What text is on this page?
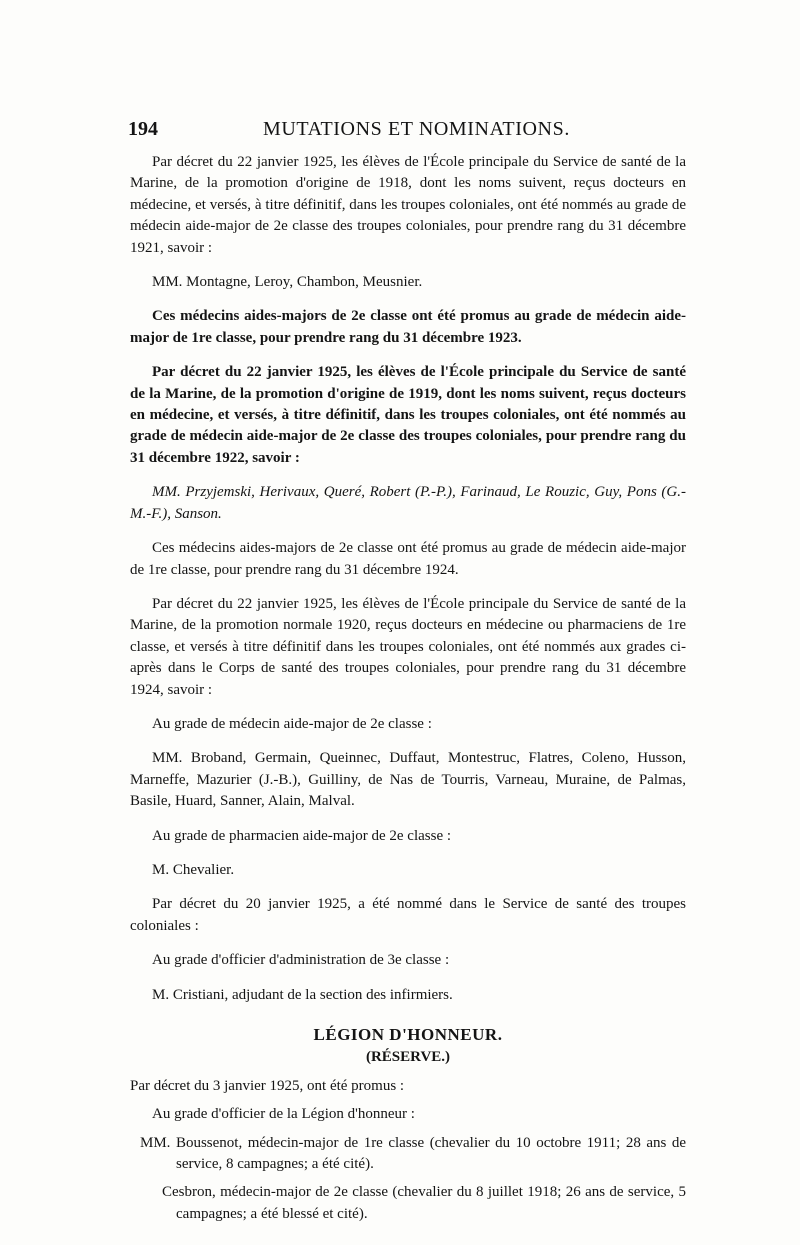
194	MUTATIONS ET NOMINATIONS.

Par décret du 22 janvier 1925, les élèves de l'École principale du Service de santé de la Marine, de la promotion d'origine de 1918, dont les noms suivent, reçus docteurs en médecine, et versés, à titre définitif, dans les troupes coloniales, ont été nommés au grade de médecin aide-major de 2e classe des troupes coloniales, pour prendre rang du 31 décembre 1921, savoir :

MM. Montagne, Leroy, Chambon, Meusnier.

Ces médecins aides-majors de 2e classe ont été promus au grade de médecin aide-major de 1re classe, pour prendre rang du 31 décembre 1923.

Par décret du 22 janvier 1925, les élèves de l'École principale du Service de santé de la Marine, de la promotion d'origine de 1919, dont les noms suivent, reçus docteurs en médecine, et versés, à titre définitif, dans les troupes coloniales, ont été nommés au grade de médecin aide-major de 2e classe des troupes coloniales, pour prendre rang du 31 décembre 1922, savoir :

MM. Przyjemski, Herivaux, Queré, Robert (P.-P.), Farinaud, Le Rouzic, Guy, Pons (G.-M.-F.), Sanson.

Ces médecins aides-majors de 2e classe ont été promus au grade de médecin aide-major de 1re classe, pour prendre rang du 31 décembre 1924.

Par décret du 22 janvier 1925, les élèves de l'École principale du Service de santé de la Marine, de la promotion normale 1920, reçus docteurs en médecine ou pharmaciens de 1re classe, et versés à titre définitif dans les troupes coloniales, ont été nommés aux grades ci-après dans le Corps de santé des troupes coloniales, pour prendre rang du 31 décembre 1924, savoir :

Au grade de médecin aide-major de 2e classe :

MM. Broband, Germain, Queinnec, Duffaut, Montestruc, Flatres, Coleno, Husson, Marneffe, Mazurier (J.-B.), Guilliny, de Nas de Tourris, Varneau, Muraine, de Palmas, Basile, Huard, Sanner, Alain, Malval.

Au grade de pharmacien aide-major de 2e classe :

M. Chevalier.

Par décret du 20 janvier 1925, a été nommé dans le Service de santé des troupes coloniales :

Au grade d'officier d'administration de 3e classe :

M. Cristiani, adjudant de la section des infirmiers.

LÉGION D'HONNEUR.

(RÉSERVE.)

Par décret du 3 janvier 1925, ont été promus :

Au grade d'officier de la Légion d'honneur :

MM. Boussenot, médecin-major de 1re classe (chevalier du 10 octobre 1911; 28 ans de service, 8 campagnes; a été cité).

Cesbron, médecin-major de 2e classe (chevalier du 8 juillet 1918; 26 ans de service, 5 campagnes; a été blessé et cité).
